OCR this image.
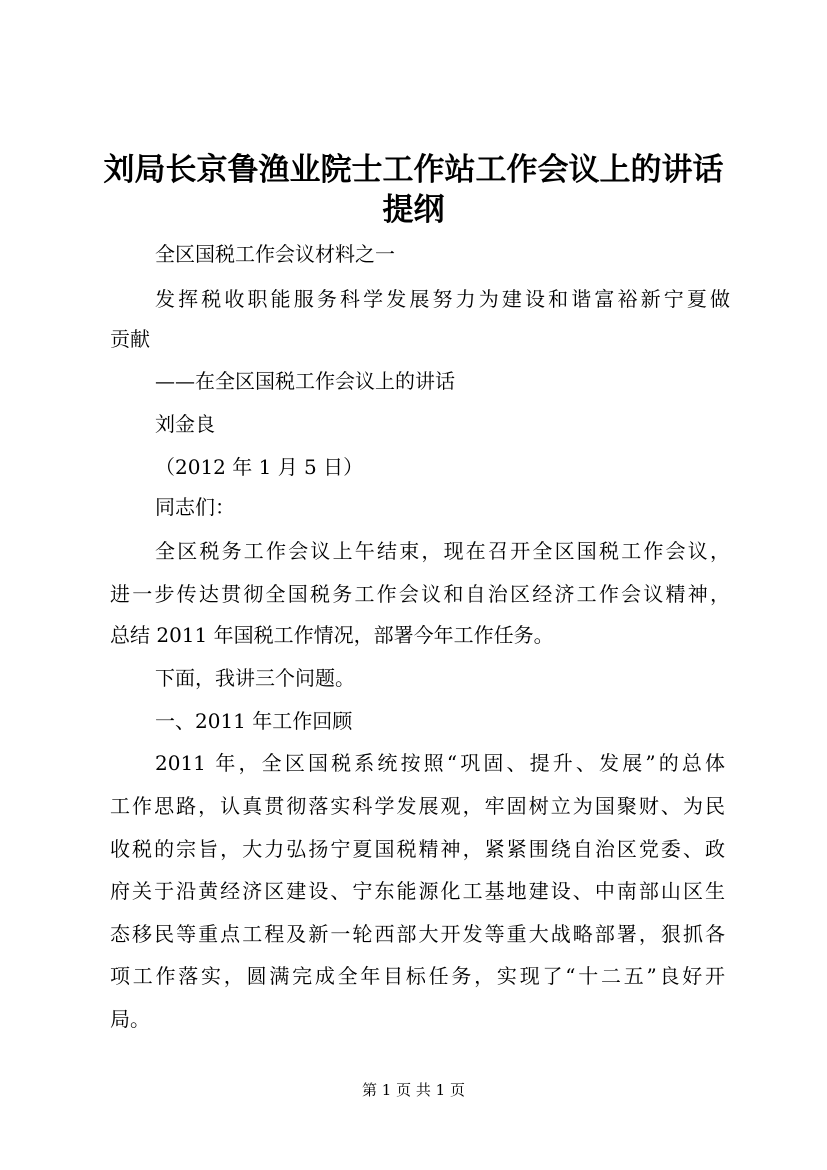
刘局长京鲁渔业院士工作站工作会议上的讲话
提纲

全区国税工作会议材料之一

发挥税收职能服务科学发展努力为建设和谐富裕新宁夏做

贡献

——在全区国税工作会议上的讲话

刘金良

（2012 年 1 月 5 日）

同志们：

全区税务工作会议上午结束，现在召开全区国税工作会议，

进一步传达贯彻全国税务工作会议和自治区经济工作会议精神，

总结 2011 年国税工作情况，部署今年工作任务。

下面，我讲三个问题。

一、2011 年工作回顾

2011 年，全区国税系统按照“巩固、提升、发展”的总体

工作思路，认真贯彻落实科学发展观，牢固树立为国聚财、为民

收税的宗旨，大力弘扬宁夏国税精神，紧紧围绕自治区党委、政

府关于沿黄经济区建设、宁东能源化工基地建设、中南部山区生

态移民等重点工程及新一轮西部大开发等重大战略部署，狠抓各

项工作落实，圆满完成全年目标任务，实现了“十二五”良好开

局。

第 1 页 共 1 页
